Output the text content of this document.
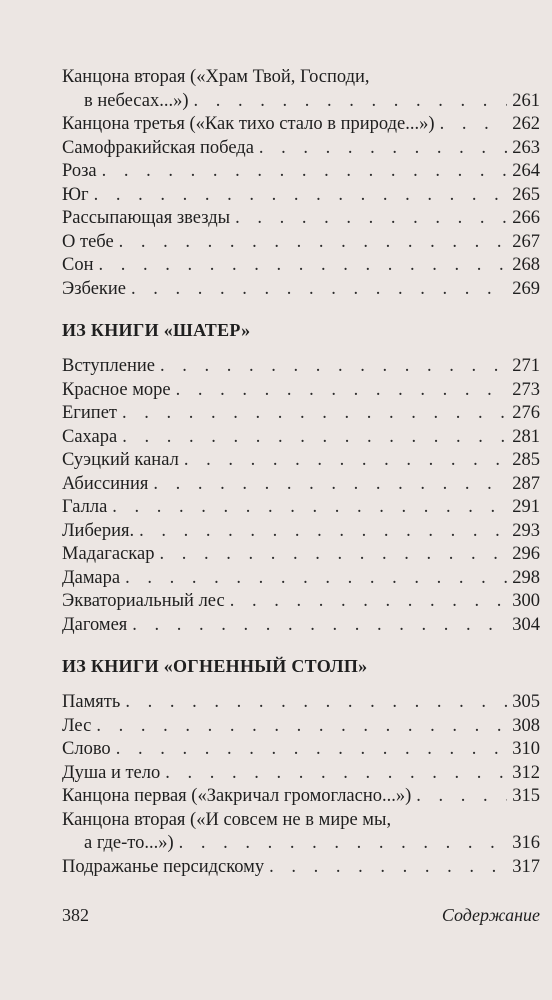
Канцона вторая («Храм Твой, Господи,
в небесах...») . . .	261
Канцона третья («Как тихо стало в природе...») . . .	262
Самофракийская победа . . .	263
Роза . . .	264
Юг . . .	265
Рассыпающая звезды . . .	266
О тебе . . .	267
Сон . . .	268
Эзбекие . . .	269
ИЗ КНИГИ «ШАТЕР»
Вступление . . .	271
Красное море . . .	273
Египет . . .	276
Сахара . . .	281
Суэцкий канал . . .	285
Абиссиния . . .	287
Галла . . .	291
Либерия. . . .	293
Мадагаскар . . .	296
Дамара . . .	298
Экваториальный лес . . .	300
Дагомея . . .	304
ИЗ КНИГИ «ОГНЕННЫЙ СТОЛП»
Память . . .	305
Лес . . .	308
Слово . . .	310
Душа и тело . . .	312
Канцона первая («Закричал громогласно...») . . .	315
Канцона вторая («И совсем не в мире мы,
а где-то...») . . .	316
Подражанье персидскому . . .	317
382	Содержание
